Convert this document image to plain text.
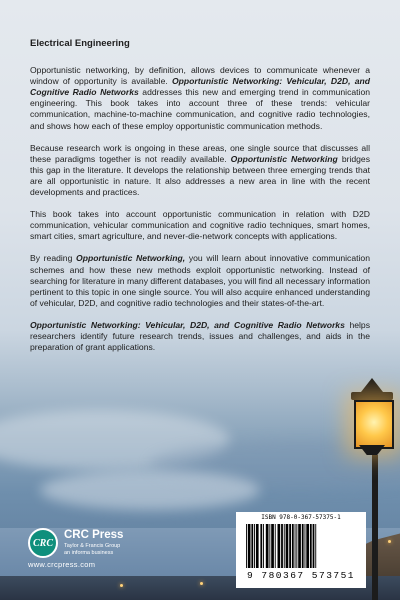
Electrical Engineering

Opportunistic networking, by definition, allows devices to communicate whenever a window of opportunity is available. Opportunistic Networking: Vehicular, D2D, and Cognitive Radio Networks addresses this new and emerging trend in communication engineering. This book takes into account three of these trends: vehicular communication, machine-to-machine communication, and cognitive radio technologies, and shows how each of these employ opportunistic communication methods.

Because research work is ongoing in these areas, one single source that discusses all these paradigms together is not readily available. Opportunistic Networking bridges this gap in the literature. It develops the relationship between three emerging trends that are all opportunistic in nature. It also addresses a new area in line with the recent developments and practices.

This book takes into account opportunistic communication in relation with D2D communication, vehicular communication and cognitive radio techniques, smart homes, smart cities, smart agriculture, and never-die-network concepts with applications.

By reading Opportunistic Networking, you will learn about innovative communication schemes and how these new methods exploit opportunistic networking. Instead of searching for literature in many different databases, you will find all necessary information pertinent to this topic in one single source. You will also acquire enhanced understanding of vehicular, D2D, and cognitive radio technologies and their states-of-the-art.

Opportunistic Networking: Vehicular, D2D, and Cognitive Radio Networks helps researchers identify future research trends, issues and challenges, and aids in the preparation of grant applications.

ISBN 978-0-367-57375-1
9 780367 573751
CRC
CRC Press
Taylor & Francis Group
an informa business
www.crcpress.com
